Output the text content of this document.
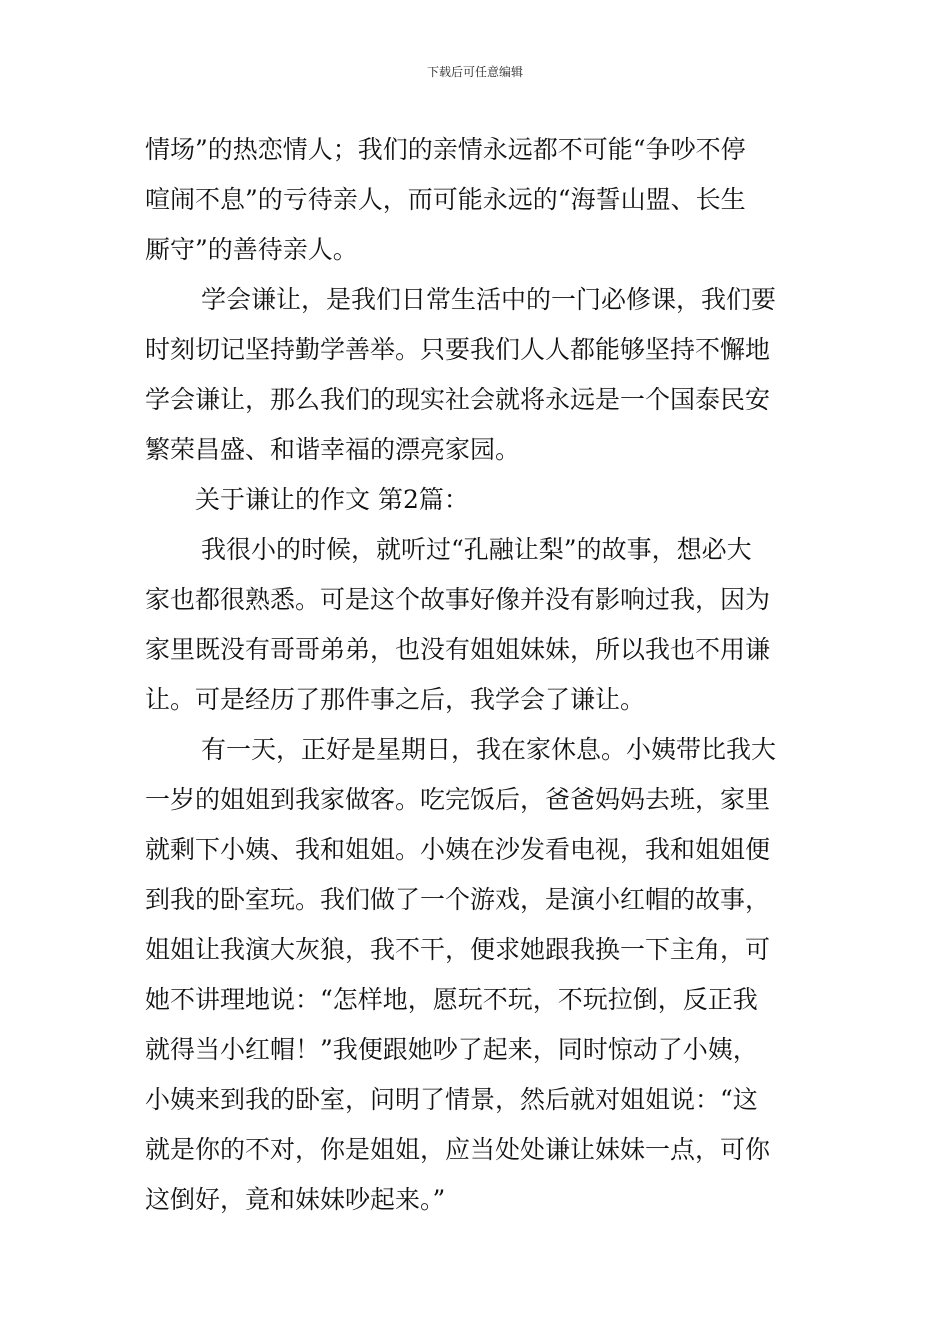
下载后可任意编辑
情场”的热恋情人；我们的亲情永远都不可能“争吵不停
喧闹不息”的亏待亲人，而可能永远的“海誓山盟、长生
厮守”的善待亲人。
学会谦让，是我们日常生活中的一门必修课，我们要
时刻切记坚持勤学善举。只要我们人人都能够坚持不懈地
学会谦让，那么我们的现实社会就将永远是一个国泰民安
繁荣昌盛、和谐幸福的漂亮家园。
关于谦让的作文 第2篇：
我很小的时候，就听过“孔融让梨”的故事，想必大
家也都很熟悉。可是这个故事好像并没有影响过我，因为
家里既没有哥哥弟弟，也没有姐姐妹妹，所以我也不用谦
让。可是经历了那件事之后，我学会了谦让。
有一天，正好是星期日，我在家休息。小姨带比我大
一岁的姐姐到我家做客。吃完饭后，爸爸妈妈去班，家里
就剩下小姨、我和姐姐。小姨在沙发看电视，我和姐姐便
到我的卧室玩。我们做了一个游戏，是演小红帽的故事，
姐姐让我演大灰狼，我不干，便求她跟我换一下主角，可
她不讲理地说：“怎样地，愿玩不玩，不玩拉倒，反正我
就得当小红帽！”我便跟她吵了起来，同时惊动了小姨，
小姨来到我的卧室，问明了情景，然后就对姐姐说：“这
就是你的不对，你是姐姐，应当处处谦让妹妹一点，可你
这倒好，竟和妹妹吵起来。”
